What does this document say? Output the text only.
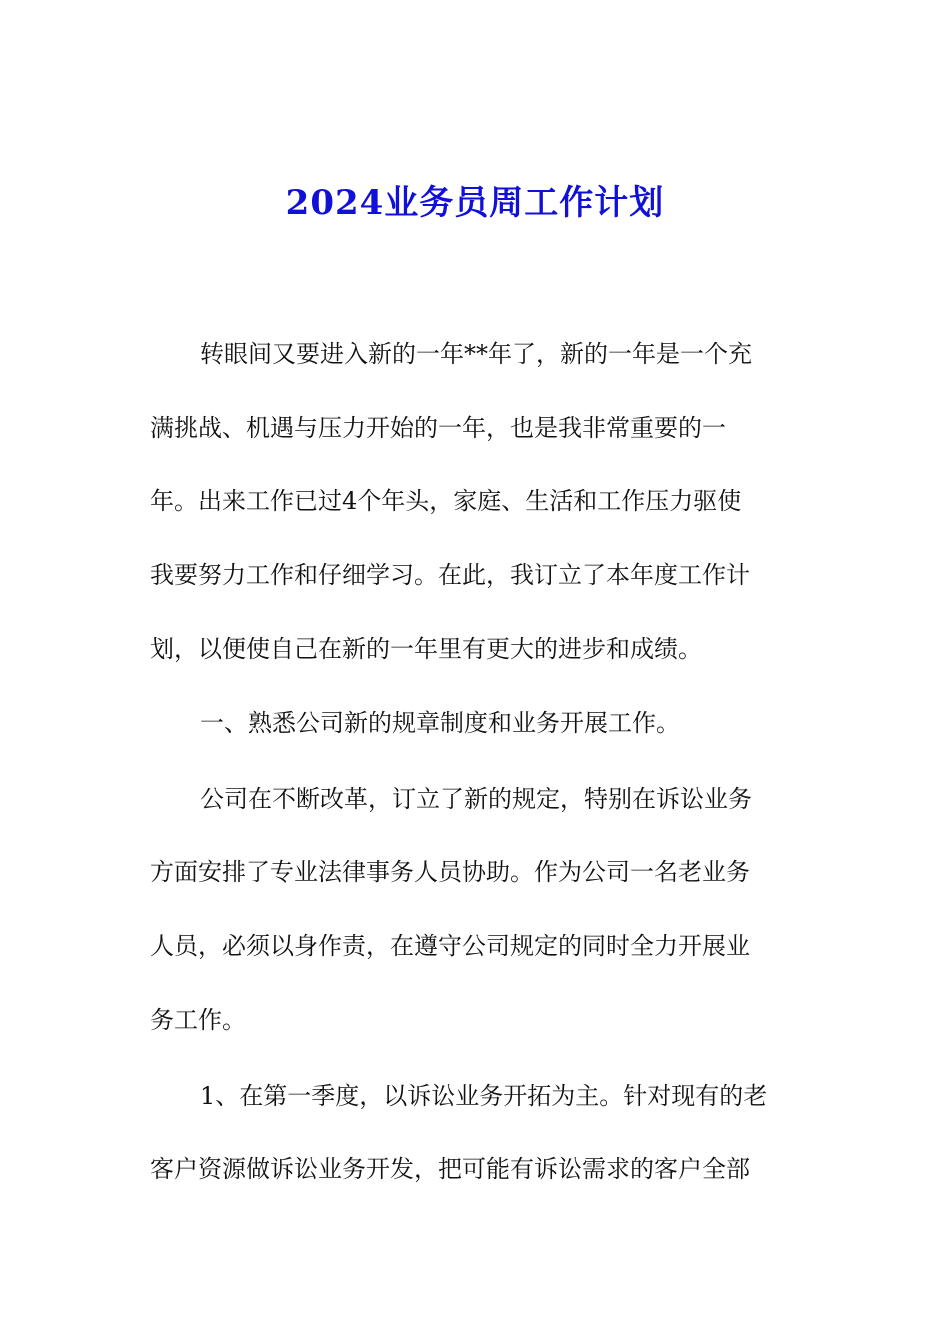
2024业务员周工作计划
转眼间又要进入新的一年**年了，新的一年是一个充
满挑战、机遇与压力开始的一年，也是我非常重要的一
年。出来工作已过4个年头，家庭、生活和工作压力驱使
我要努力工作和仔细学习。在此，我订立了本年度工作计
划，以便使自己在新的一年里有更大的进步和成绩。
一、熟悉公司新的规章制度和业务开展工作。
公司在不断改革，订立了新的规定，特别在诉讼业务
方面安排了专业法律事务人员协助。作为公司一名老业务
人员，必须以身作责，在遵守公司规定的同时全力开展业
务工作。
1、在第一季度，以诉讼业务开拓为主。针对现有的老
客户资源做诉讼业务开发，把可能有诉讼需求的客户全部
